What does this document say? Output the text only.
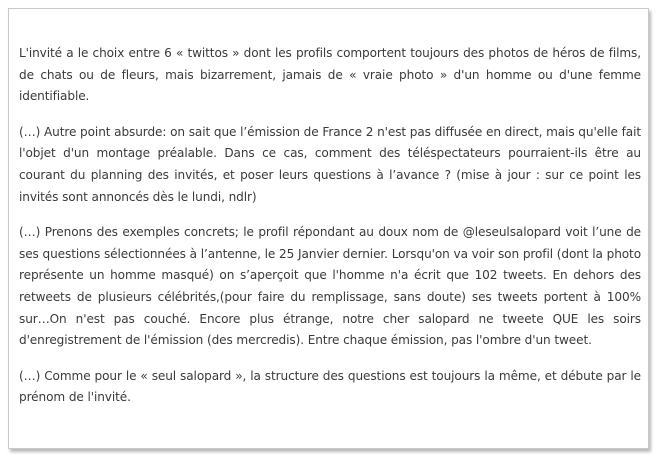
L'invité a le choix entre 6 « twittos » dont les profils comportent toujours des photos de héros de films, de chats ou de fleurs, mais bizarrement, jamais de « vraie photo » d'un homme ou d'une femme identifiable.

(…) Autre point absurde: on sait que l’émission de France 2 n'est pas diffusée en direct, mais qu'elle fait l'objet d'un montage préalable. Dans ce cas, comment des téléspectateurs pourraient-ils être au courant du planning des invités, et poser leurs questions à l’avance ? (mise à jour : sur ce point les invités sont annoncés dès le lundi, ndlr)

(…) Prenons des exemples concrets; le profil répondant au doux nom de @leseulsalopard voit l’une de ses questions sélectionnées à l’antenne, le 25 Janvier dernier. Lorsqu'on va voir son profil (dont la photo représente un homme masqué) on s’aperçoit que l'homme n'a écrit que 102 tweets. En dehors des retweets de plusieurs célébrités,(pour faire du remplissage, sans doute) ses tweets portent à 100% sur…On n'est pas couché. Encore plus étrange, notre cher salopard ne tweete QUE les soirs d'enregistrement de l'émission (des mercredis). Entre chaque émission, pas l'ombre d'un tweet.

(…) Comme pour le « seul salopard », la structure des questions est toujours la même, et débute par le prénom de l'invité.
